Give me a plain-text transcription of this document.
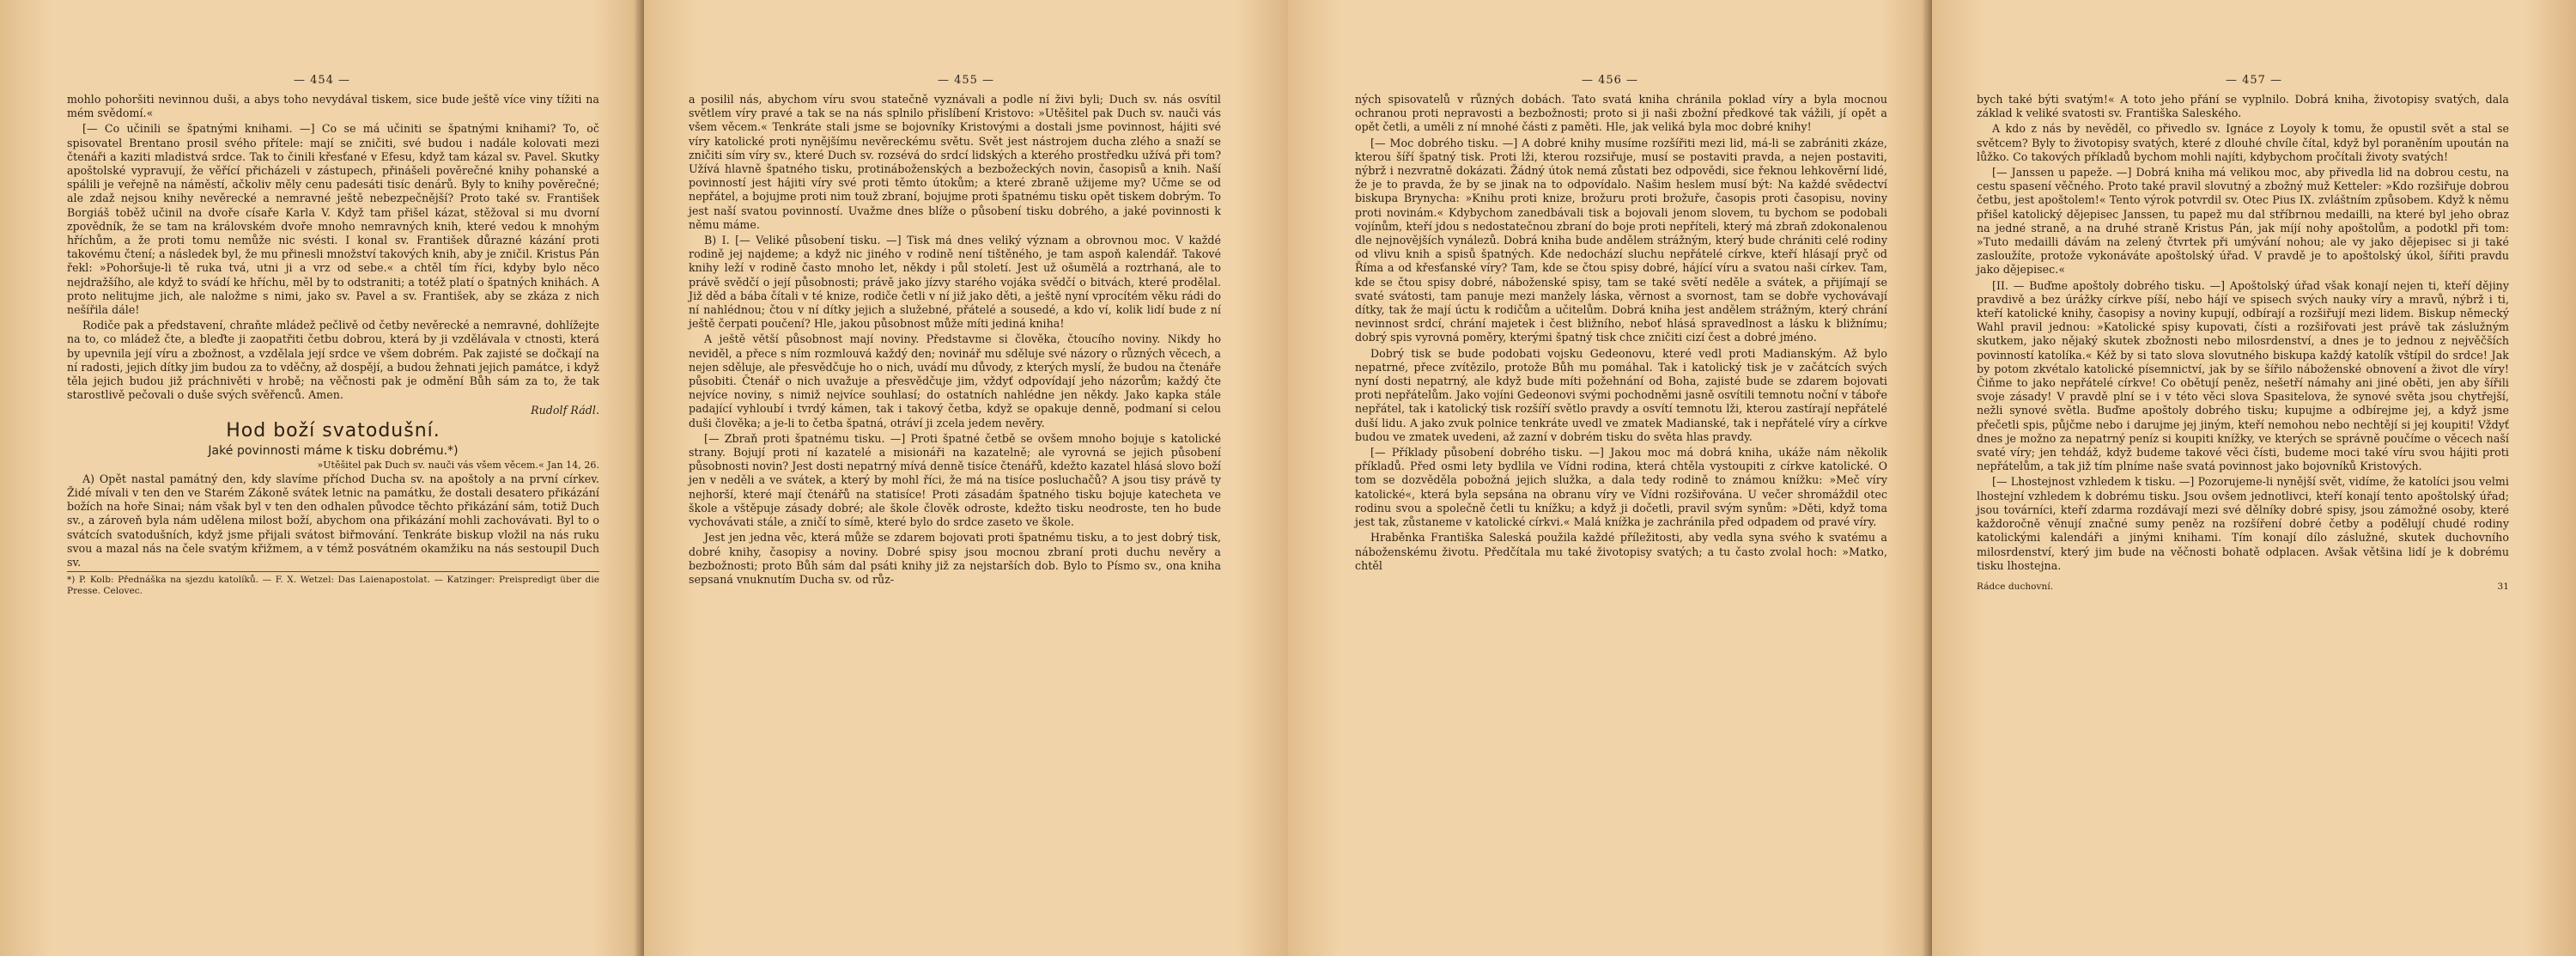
— 454 —

mohlo pohoršiti nevinnou duši, a abys toho nevydával tiskem, sice bude ještě více viny tížiti na mém svědomí.«

[— Co učinili se špatnými knihami. —] Co se má učiniti se špatnými knihami? To, oč spisovatel Brentano prosil svého přítele: mají se zničiti, své budou i nadále kolovati mezi čtenáři a kaziti mladistvá srdce. Tak to činili křesťané v Efesu, když tam kázal sv. Pavel. Skutky apoštolské vypravují, že věřící přicházeli v zástupech, přinášeli pověrečné knihy pohanské a spálili je veřejně na náměstí, ačkoliv měly cenu padesáti tisíc denárů. Byly to knihy pověrečné; ale zdaž nejsou knihy nevěrecké a nemravné ještě nebezpečnější? Proto také sv. František Borgiáš toběž učinil na dvoře císaře Karla V. Když tam přišel kázat, stěžoval si mu dvorní zpovědník, že se tam na královském dvoře mnoho nemravných knih, které vedou k mnohým hříchům, a že proti tomu nemůže nic svésti. I konal sv. František důrazné kázání proti takovému čtení; a následek byl, že mu přinesli množství takových knih, aby je zničil. Kristus Pán řekl: »Pohoršuje-li tě ruka tvá, utni ji a vrz od sebe.« a chtěl tím říci, kdyby bylo něco nejdražšího, ale když to svádí ke hříchu, měl by to odstraniti; a totéž platí o špatných knihách. A proto nelitujme jich, ale naložme s nimi, jako sv. Pavel a sv. František, aby se zkáza z nich nešířila dále!

Rodiče pak a představení, chraňte mládež pečlivě od četby nevěrecké a nemravné, dohlížejte na to, co mládež čte, a bleďte ji zaopatřiti četbu dobrou, která by ji vzdělávala v ctnosti, která by upevnila její víru a zbožnost, a vzdělala její srdce ve všem dobrém. Pak zajisté se dočkají na ní radosti, jejich dítky jim budou za to vděčny, až dospějí, a budou žehnati jejich památce, i když těla jejich budou již práchnivěti v hrobě; na věčnosti pak je odmění Bůh sám za to, že tak starostlivě pečovali o duše svých svěřenců. Amen.

Rudolf Rádl.

Hod boží svatodušní.

Jaké povinnosti máme k tisku dobrému.*)

»Utěšitel pak Duch sv. nauči vás všem věcem.« Jan 14, 26.

A) Opět nastal památný den, kdy slavíme příchod Ducha sv. na apoštoly a na první církev. Židé mívali v ten den ve Starém Zákoně svátek letnic na památku, že dostali desatero přikázání božích na hoře Sinai; nám však byl v ten den odhalen původce těchto přikázání sám, totiž Duch sv., a zároveň byla nám udělena milost boží, abychom ona přikázání mohli zachovávati. Byl to o svátcích svatodušních, když jsme přijali svátost biřmování. Tenkráte biskup vložil na nás ruku svou a mazal nás na čele svatým křižmem, a v témž posvátném okamžiku na nás sestoupil Duch sv.

*) P. Kolb: Přednáška na sjezdu katolíků. — F. X. Wetzel: Das Laienapostolat. — Katzinger: Preispredigt über die Presse. Celovec.

— 455 —

a posilil nás, abychom víru svou statečně vyznávali a podle ní živi byli; Duch sv. nás osvítil světlem víry pravé a tak se na nás splnilo přislíbení Kristovo: »Utěšitel pak Duch sv. nauči vás všem věcem.« Tenkráte stali jsme se bojovníky Kristovými a dostali jsme povinnost, hájiti své víry katolické proti nynějšímu nevěreckému světu. Svět jest nástrojem ducha zlého a snaží se zničiti sím víry sv., které Duch sv. rozsévá do srdcí lidských a kterého prostředku užívá při tom? Užívá hlavně špatného tisku, protináboženských a bezbožeckých novin, časopisů a knih. Naší povinností jest hájiti víry své proti těmto útokům; a které zbraně užijeme my? Učme se od nepřátel, a bojujme proti nim touž zbraní, bojujme proti špatnému tisku opět tiskem dobrým. To jest naší svatou povinností. Uvažme dnes blíže o působení tisku dobrého, a jaké povinnosti k němu máme.

B) I. [— Veliké působení tisku. —] Tisk má dnes veliký význam a obrovnou moc. V každé rodině jej najdeme; a když nic jiného v rodině není tištěného, je tam aspoň kalendář. Takové knihy leží v rodině často mnoho let, někdy i půl století. Jest už ošumělá a roztrhaná, ale to právě svědčí o její působnosti; právě jako jízvy starého vojáka svědčí o bitvách, které prodělal. Již děd a bába čítali v té knize, rodiče četli v ní již jako děti, a ještě nyní vprocítém věku rádi do ní nahlédnou; čtou v ní dítky jejich a služebné, přátelé a sousedé, a kdo ví, kolik lidí bude z ní ještě čerpati poučení? Hle, jakou působnost může míti jediná kniha!

A ještě větší působnost mají noviny. Představme si člověka, čtoucího noviny. Nikdy ho neviděl, a přece s ním rozmlouvá každý den; novinář mu sděluje své názory o různých věcech, a nejen sděluje, ale přesvědčuje ho o nich, uvádí mu důvody, z kterých myslí, že budou na čtenáře působiti. Čtenář o nich uvažuje a přesvědčuje jim, vždyť odpovídají jeho názorům; každý čte nejvíce noviny, s nimiž nejvíce souhlasí; do ostatních nahlédne jen někdy. Jako kapka stále padající vyhloubí i tvrdý kámen, tak i takový četba, když se opakuje denně, podmaní si celou duši člověka; a je-li to četba špatná, otráví ji zcela jedem nevěry.

[— Zbraň proti špatnému tisku. —] Proti špatné četbě se ovšem mnoho bojuje s katolické strany. Bojují proti ní kazatelé a misionáři na kazatelně; ale vyrovná se jejich působení působnosti novin? Jest dosti nepatrný mívá denně tisíce čtenářů, kdežto kazatel hlásá slovo boží jen v neděli a ve svátek, a který by mohl říci, že má na tisíce posluchačů? A jsou tisy právě ty nejhorší, které mají čtenářů na statisíce! Proti zásadám špatného tisku bojuje katecheta ve škole a vštěpuje zásady dobré; ale škole člověk odroste, kdežto tisku neodroste, ten ho bude vychovávati stále, a zničí to símě, které bylo do srdce zaseto ve škole.

Jest jen jedna věc, která může se zdarem bojovati proti špatnému tisku, a to jest dobrý tisk, dobré knihy, časopisy a noviny. Dobré spisy jsou mocnou zbraní proti duchu nevěry a bezbožnosti; proto Bůh sám dal psáti knihy již za nejstarších dob. Bylo to Písmo sv., ona kniha sepsaná vnuknutím Ducha sv. od růz-

— 456 —

ných spisovatelů v různých dobách. Tato svatá kniha chránila poklad víry a byla mocnou ochranou proti nepravosti a bezbožnosti; proto si ji naši zbožní předkové tak vážili, jí opět a opět četli, a uměli z ní mnohé části z paměti. Hle, jak veliká byla moc dobré knihy!

[— Moc dobrého tisku. —] A dobré knihy musíme rozšířiti mezi lid, má-li se zabrániti zkáze, kterou šíří špatný tisk. Proti lži, kterou rozsiřuje, musí se postaviti pravda, a nejen postaviti, nýbrž i nezvratně dokázati. Žádný útok nemá zůstati bez odpovědi, sice řeknou lehkověrní lidé, že je to pravda, že by se jinak na to odpovídalo. Našim heslem musí být: Na každé svědectví biskupa Brynycha: »Knihu proti knize, brožuru proti brožuře, časopis proti časopisu, noviny proti novinám.« Kdybychom zanedbávali tisk a bojovali jenom slovem, tu bychom se podobali vojínům, kteří jdou s nedostatečnou zbraní do boje proti nepříteli, který má zbraň zdokonalenou dle nejnovějších vynálezů. Dobrá kniha bude andělem strážným, který bude chrániti celé rodiny od vlivu knih a spisů špatných. Kde nedochází sluchu nepřátelé církve, kteří hlásají pryč od Říma a od křesťanské víry? Tam, kde se čtou spisy dobré, hájící víru a svatou naši církev. Tam, kde se čtou spisy dobré, náboženské spisy, tam se také světí neděle a svátek, a přijímají se svaté svátosti, tam panuje mezi manžely láska, věrnost a svornost, tam se dobře vychovávají dítky, tak že mají úctu k rodičům a učitelům. Dobrá kniha jest andělem strážným, který chrání nevinnost srdcí, chrání majetek i čest bližního, neboť hlásá spravedlnost a lásku k bližnímu; dobrý spis vyrovná poměry, kterými špatný tisk chce zničiti cizí čest a dobré jméno.

Dobrý tisk se bude podobati vojsku Gedeonovu, které vedl proti Madianským. Až bylo nepatrné, přece zvítězilo, protože Bůh mu pomáhal. Tak i katolický tisk je v začátcích svých nyní dosti nepatrný, ale když bude míti požehnání od Boha, zajisté bude se zdarem bojovati proti nepřátelům. Jako vojíni Gedeonovi svými pochodněmi jasně osvítili temnotu noční v táboře nepřátel, tak i katolický tisk rozšíří světlo pravdy a osvítí temnotu lži, kterou zastírají nepřátelé duší lidu. A jako zvuk polnice tenkráte uvedl ve zmatek Madianské, tak i nepřátelé víry a církve budou ve zmatek uvedeni, až zazní v dobrém tisku do světa hlas pravdy.

[— Příklady působení dobrého tisku. —] Jakou moc má dobrá kniha, ukáže nám několik příkladů. Před osmi lety bydlila ve Vídni rodina, která chtěla vystoupiti z církve katolické. O tom se dozvěděla pobožná jejich služka, a dala tedy rodině to známou knížku: »Meč víry katolické«, která byla sepsána na obranu víry ve Vídni rozšiřována. U večer shromáždil otec rodinu svou a společně četli tu knížku; a když ji dočetli, pravil svým synům: »Děti, když toma jest tak, zůstaneme v katolické církvi.« Malá knížka je zachránila před odpadem od pravé víry.

Hraběnka Františka Saleská použila každé příležitosti, aby vedla syna svého k svatému a náboženskému životu. Předčítala mu také životopisy svatých; a tu často zvolal hoch: »Matko, chtěl

— 457 —

bych také býti svatým!« A toto jeho přání se vyplnilo. Dobrá kniha, životopisy svatých, dala základ k veliké svatosti sv. Františka Saleského.

A kdo z nás by nevěděl, co přivedlo sv. Ignáce z Loyoly k tomu, že opustil svět a stal se světcem? Byly to životopisy svatých, které z dlouhé chvíle čítal, když byl poraněním upoután na lůžko. Co takových příkladů bychom mohli najíti, kdybychom pročítali životy svatých!

[— Janssen u papeže. —] Dobrá kniha má velikou moc, aby přivedla lid na dobrou cestu, na cestu spasení věčného. Proto také pravil slovutný a zbožný muž Ketteler: »Kdo rozšiřuje dobrou četbu, jest apoštolem!« Tento výrok potvrdil sv. Otec Pius IX. zvláštním způsobem. Když k němu přišel katolický dějepisec Janssen, tu papež mu dal stříbrnou medailli, na které byl jeho obraz na jedné straně, a na druhé straně Kristus Pán, jak míjí nohy apoštolům, a podotkl při tom: »Tuto medailli dávám na zelený čtvrtek při umývání nohou; ale vy jako dějepisec si ji také zasloužíte, protože vykonáváte apoštolský úřad. V pravdě je to apoštolský úkol, šířiti pravdu jako dějepisec.«

[II. — Buďme apoštoly dobrého tisku. —] Apoštolský úřad však konají nejen ti, kteří dějiny pravdivě a bez úrážky církve píší, nebo hájí ve spisech svých nauky víry a mravů, nýbrž i ti, kteří katolické knihy, časopisy a noviny kupují, odbírají a rozšiřují mezi lidem. Biskup německý Wahl pravil jednou: »Katolické spisy kupovati, čísti a rozšiřovati jest právě tak záslužným skutkem, jako nějaký skutek zbožnosti nebo milosrdenství, a dnes je to jednou z nejvěčších povinností katolíka.« Kéž by si tato slova slovutného biskupa každý katolík vštípil do srdce! Jak by potom zkvétalo katolické písemnictví, jak by se šířilo náboženské obnovení a život dle víry! Čiňme to jako nepřátelé církve! Co obětují peněz, nešetří námahy ani jiné oběti, jen aby šířili svoje zásady! V pravdě plní se i v této věci slova Spasitelova, že synové světa jsou chytřejší, nežli synové světla. Buďme apoštoly dobrého tisku; kupujme a odbírejme jej, a když jsme přečetli spis, půjčme nebo i darujme jej jiným, kteří nemohou nebo nechtějí si jej koupiti! Vždyť dnes je možno za nepatrný peníz si koupiti knížky, ve kterých se správně poučíme o věcech naší svaté víry; jen tehdáž, když budeme takové věci čísti, budeme moci také víru svou hájiti proti nepřátelům, a tak již tím plníme naše svatá povinnost jako bojovníků Kristových.

[— Lhostejnost vzhledem k tisku. —] Pozorujeme-li nynější svět, vidíme, že katolíci jsou velmi lhostejní vzhledem k dobrému tisku. Jsou ovšem jednotlivci, kteří konají tento apoštolský úřad; jsou továrníci, kteří zdarma rozdávají mezi své dělníky dobré spisy, jsou zámožné osoby, které každoročně věnují značné sumy peněz na rozšíření dobré četby a podělují chudé rodiny katolickými kalendáři a jinými knihami. Tím konají dílo záslužné, skutek duchovního milosrdenství, který jim bude na věčnosti bohatě odplacen. Avšak většina lidí je k dobrému tisku lhostejna.

Rádce duchovní.	31
